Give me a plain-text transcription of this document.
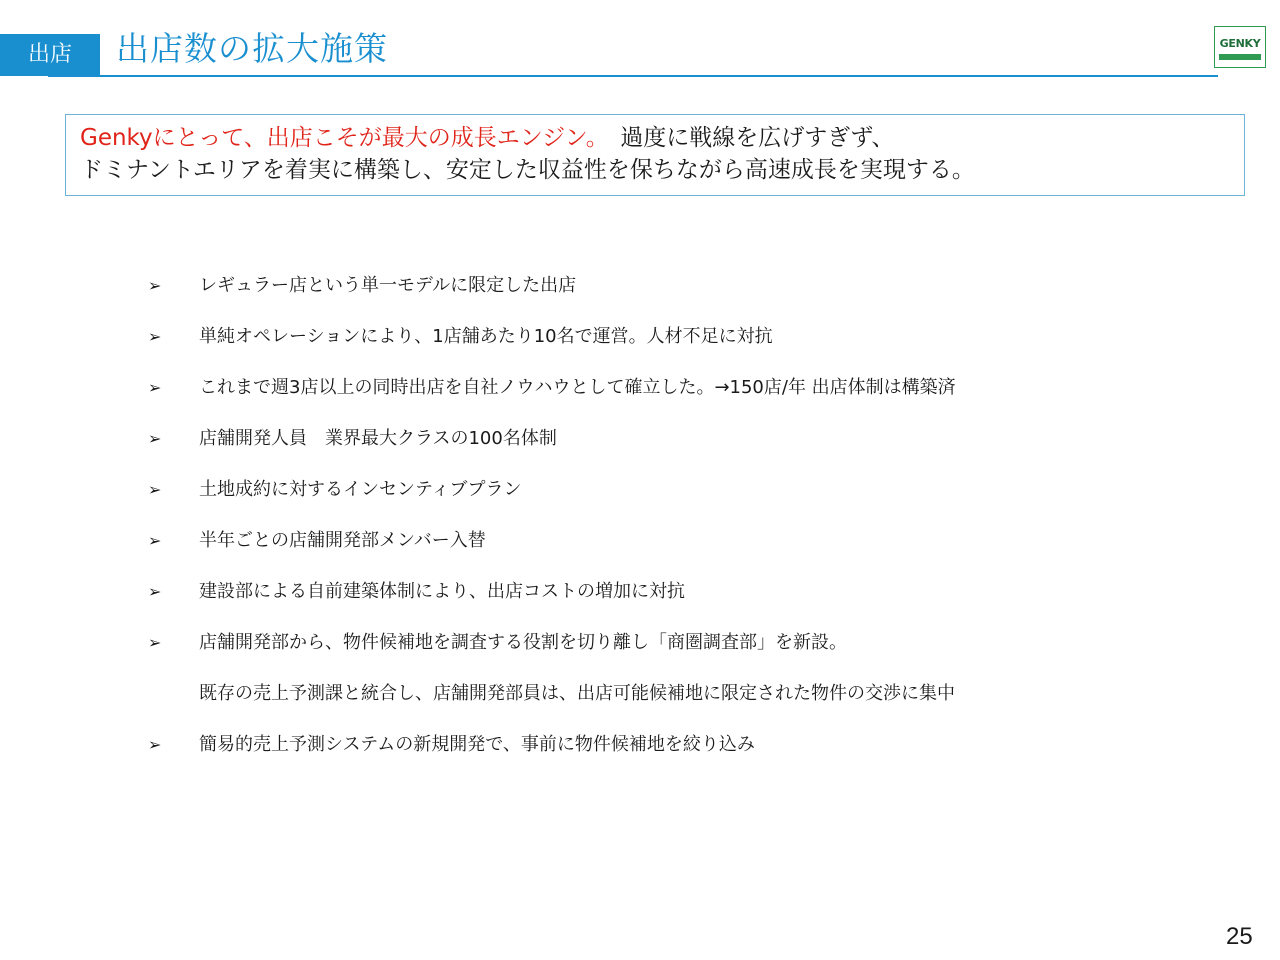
出店	出店数の拡大施策	GENKY
Genkyにとって、出店こそが最大の成長エンジン。　 過度に戦線を広げすぎず、
ドミナントエリアを着実に構築し、安定した収益性を保ちながら高速成長を実現する。
➢	レギュラー店という単一モデルに限定した出店
➢	単純オペレーションにより、1店舗あたり10名で運営。人材不足に対抗
➢	これまで週3店以上の同時出店を自社ノウハウとして確立した。→150店/年 出店体制は構築済
➢	店舗開発人員　業界最大クラスの100名体制
➢	土地成約に対するインセンティブプラン
➢	半年ごとの店舗開発部メンバー入替
➢	建設部による自前建築体制により、出店コストの増加に対抗
➢	店舗開発部から、物件候補地を調査する役割を切り離し「商圏調査部」を新設。
既存の売上予測課と統合し、店舗開発部員は、出店可能候補地に限定された物件の交渉に集中
➢	簡易的売上予測システムの新規開発で、事前に物件候補地を絞り込み
25
